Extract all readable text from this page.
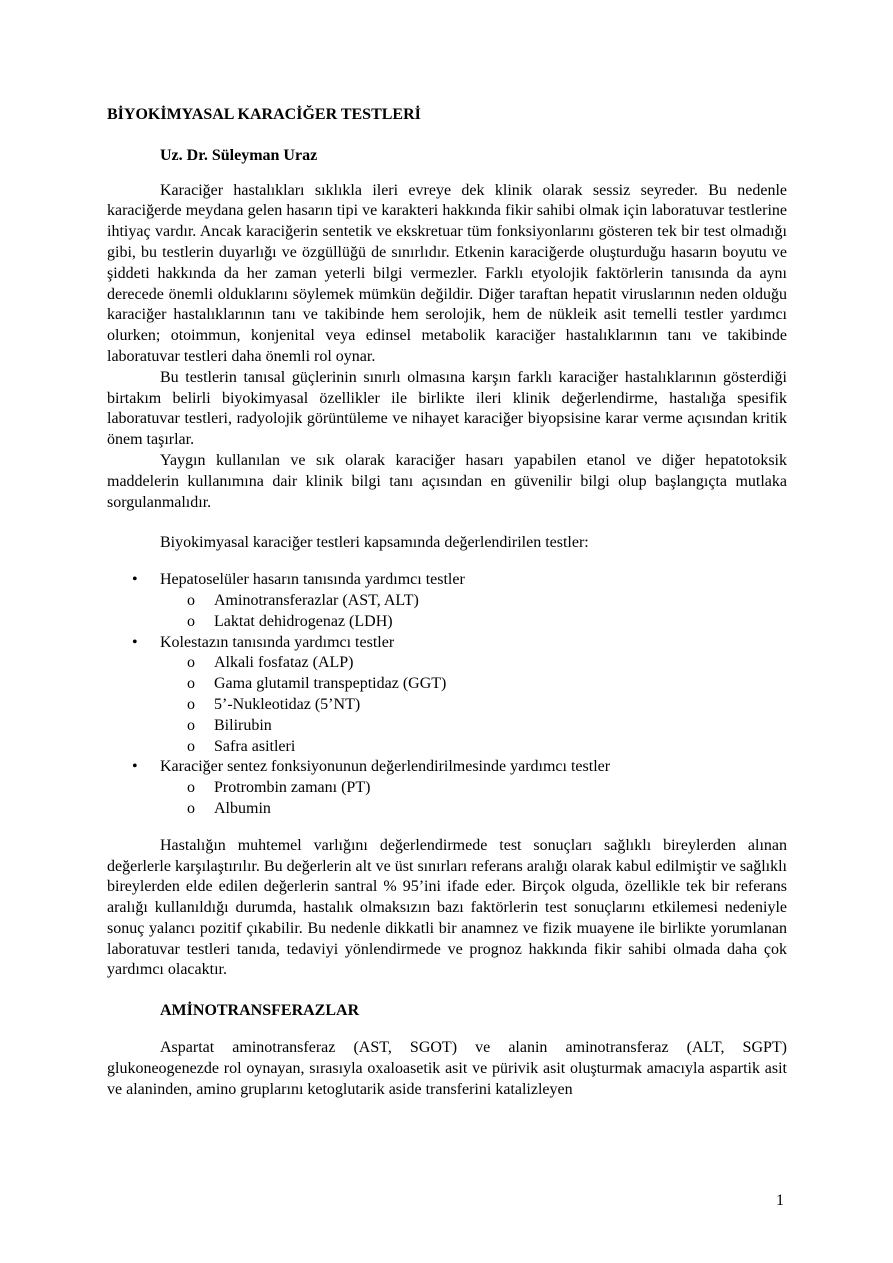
BİYOKİMYASAL KARACİĞER TESTLERİ
Uz. Dr. Süleyman Uraz

Karaciğer hastalıkları sıklıkla ileri evreye dek klinik olarak sessiz seyreder. Bu nedenle karaciğerde meydana gelen hasarın tipi ve karakteri hakkında fikir sahibi olmak için laboratuvar testlerine ihtiyaç vardır. Ancak karaciğerin sentetik ve ekskretuar tüm fonksiyonlarını gösteren tek bir test olmadığı gibi, bu testlerin duyarlığı ve özgüllüğü de sınırlıdır. Etkenin karaciğerde oluşturduğu hasarın boyutu ve şiddeti hakkında da her zaman yeterli bilgi vermezler. Farklı etyolojik faktörlerin tanısında da aynı derecede önemli olduklarını söylemek mümkün değildir. Diğer taraftan hepatit viruslarının neden olduğu karaciğer hastalıklarının tanı ve takibinde hem serolojik, hem de nükleik asit temelli testler yardımcı olurken; otoimmun, konjenital veya edinsel metabolik karaciğer hastalıklarının tanı ve takibinde laboratuvar testleri daha önemli rol oynar.

Bu testlerin tanısal güçlerinin sınırlı olmasına karşın farklı karaciğer hastalıklarının gösterdiği birtakım belirli biyokimyasal özellikler ile birlikte ileri klinik değerlendirme, hastalığa spesifik laboratuvar testleri, radyolojik görüntüleme ve nihayet karaciğer biyopsisine karar verme açısından kritik önem taşırlar.

Yaygın kullanılan ve sık olarak karaciğer hasarı yapabilen etanol ve diğer hepatotoksik maddelerin kullanımına dair klinik bilgi tanı açısından en güvenilir bilgi olup başlangıçta mutlaka sorgulanmalıdır.

Biyokimyasal karaciğer testleri kapsamında değerlendirilen testler:

• Hepatoselüler hasarın tanısında yardımcı testler
o Aminotransferazlar (AST, ALT)
o Laktat dehidrogenaz (LDH)
• Kolestazın tanısında yardımcı testler
o Alkali fosfataz (ALP)
o Gama glutamil transpeptidaz (GGT)
o 5’-Nukleotidaz (5’NT)
o Bilirubin
o Safra asitleri
• Karaciğer sentez fonksiyonunun değerlendirilmesinde yardımcı testler
o Protrombin zamanı (PT)
o Albumin

Hastalığın muhtemel varlığını değerlendirmede test sonuçları sağlıklı bireylerden alınan değerlerle karşılaştırılır. Bu değerlerin alt ve üst sınırları referans aralığı olarak kabul edilmiştir ve sağlıklı bireylerden elde edilen değerlerin santral % 95’ini ifade eder. Birçok olguda, özellikle tek bir referans aralığı kullanıldığı durumda, hastalık olmaksızın bazı faktörlerin test sonuçlarını etkilemesi nedeniyle sonuç yalancı pozitif çıkabilir. Bu nedenle dikkatli bir anamnez ve fizik muayene ile birlikte yorumlanan laboratuvar testleri tanıda, tedaviyi yönlendirmede ve prognoz hakkında fikir sahibi olmada daha çok yardımcı olacaktır.

AMİNOTRANSFERAZLAR

Aspartat aminotransferaz (AST, SGOT) ve alanin aminotransferaz (ALT, SGPT) glukoneogenezde rol oynayan, sırasıyla oxaloasetik asit ve pürivik asit oluşturmak amacıyla aspartik asit ve alaninden, amino gruplarını ketoglutarik aside transferini katalizleyen

1
